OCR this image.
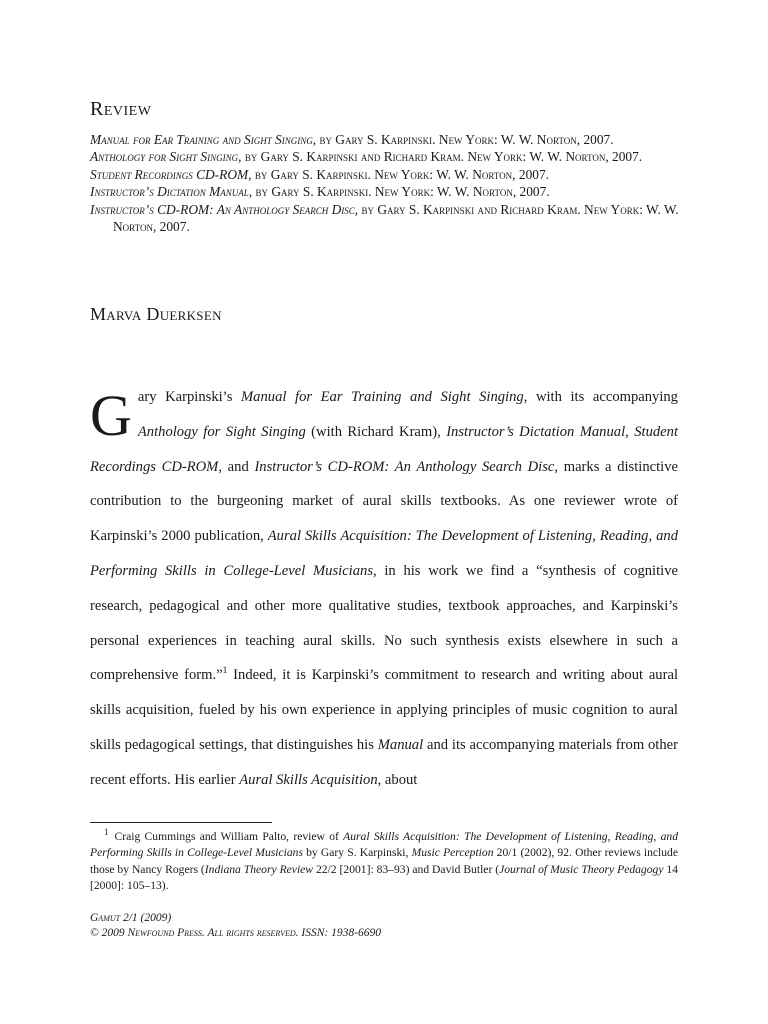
Review

Manual for Ear Training and Sight Singing, by Gary S. Karpinski. New York: W. W. Norton, 2007.

Anthology for Sight Singing, by Gary S. Karpinski and Richard Kram. New York: W. W. Norton, 2007.

Student Recordings CD-ROM, by Gary S. Karpinski. New York: W. W. Norton, 2007.

Instructor’s Dictation Manual, by Gary S. Karpinski. New York: W. W. Norton, 2007.

Instructor’s CD-ROM: An Anthology Search Disc, by Gary S. Karpinski and Richard Kram. New York: W. W. Norton, 2007.

Marva Duerksen

Gary Karpinski’s Manual for Ear Training and Sight Singing, with its accompanying Anthology for Sight Singing (with Richard Kram), Instructor’s Dictation Manual, Student Recordings CD-ROM, and Instructor’s CD-ROM: An Anthology Search Disc, marks a distinctive contribution to the burgeoning market of aural skills textbooks. As one reviewer wrote of Karpinski’s 2000 publication, Aural Skills Acquisition: The Development of Listening, Reading, and Performing Skills in College-Level Musicians, in his work we find a “synthesis of cognitive research, pedagogical and other more qualitative studies, textbook approaches, and Karpinski’s personal experiences in teaching aural skills. No such synthesis exists elsewhere in such a comprehensive form.”$^1$ Indeed, it is Karpinski’s commitment to research and writing about aural skills acquisition, fueled by his own experience in applying principles of music cognition to aural skills pedagogical settings, that distinguishes his Manual and its accompanying materials from other recent efforts. His earlier Aural Skills Acquisition, about

$^1$ Craig Cummings and William Palto, review of Aural Skills Acquisition: The Development of Listening, Reading, and Performing Skills in College-Level Musicians by Gary S. Karpinski, Music Perception 20/1 (2002), 92. Other reviews include those by Nancy Rogers (Indiana Theory Review 22/2 [2001]: 83–93) and David Butler (Journal of Music Theory Pedagogy 14 [2000]: 105–13).

Gamut 2/1 (2009)
© 2009 Newfound Press. All rights reserved. ISSN: 1938-6690
